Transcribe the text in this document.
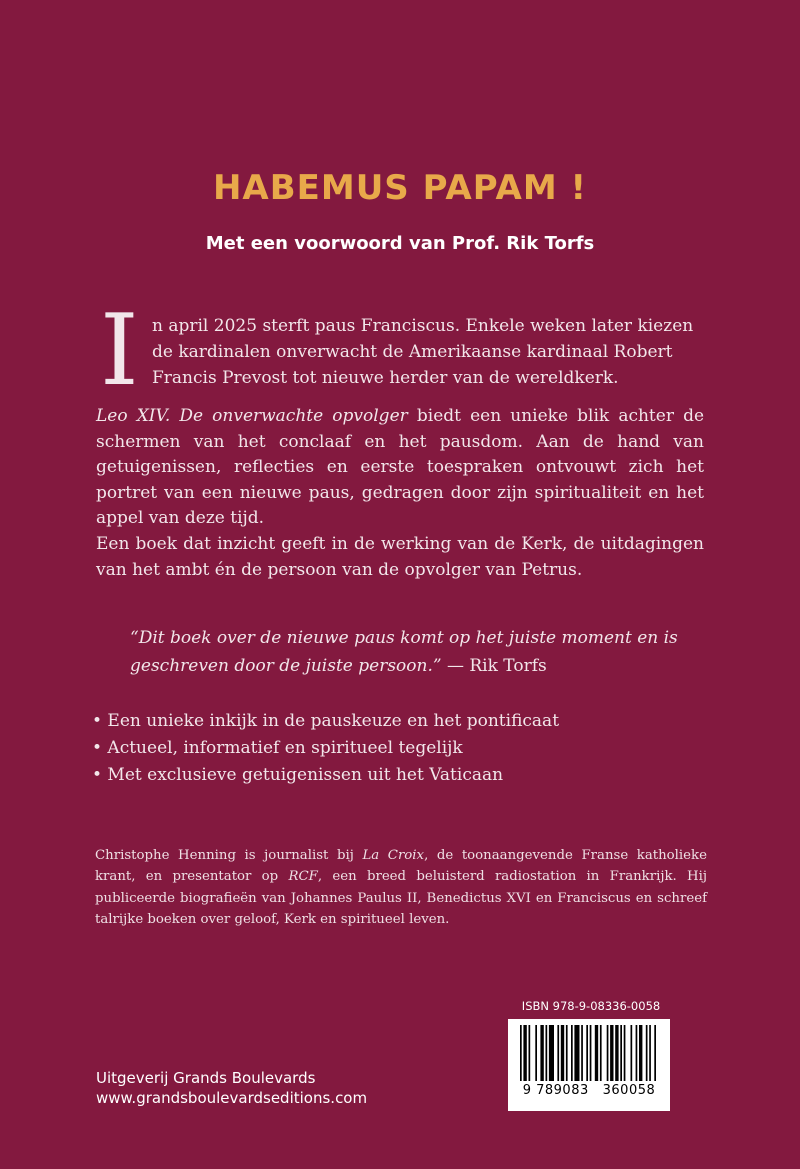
HABEMUS PAPAM !
Met een voorwoord van Prof. Rik Torfs
I n april 2025 sterft paus Franciscus. Enkele weken later kiezen
de kardinalen onverwacht de Amerikaanse kardinaal Robert
Francis Prevost tot nieuwe herder van de wereldkerk.

Leo XIV. De onverwachte opvolger biedt een unieke blik achter de schermen van het conclaaf en het pausdom. Aan de hand van getuigenissen, reflecties en eerste toespraken ontvouwt zich het portret van een nieuwe paus, gedragen door zijn spiritualiteit en het appel van deze tijd.

Een boek dat inzicht geeft in de werking van de Kerk, de uitdagingen van het ambt én de persoon van de opvolger van Petrus.

“Dit boek over de nieuwe paus komt op het juiste moment en is geschreven door de juiste persoon.” — Rik Torfs
• Een unieke inkijk in de pauskeuze en het pontificaat
• Actueel, informatief en spiritueel tegelijk
• Met exclusieve getuigenissen uit het Vaticaan
Christophe Henning is journalist bij La Croix, de toonaangevende Franse katholieke krant, en presentator op RCF, een breed beluisterd radiostation in Frankrijk. Hij publiceerde biografieën van Johannes Paulus II, Benedictus XVI en Franciscus en schreef talrijke boeken over geloof, Kerk en spiritueel leven.
ISBN 978-9-08336-0058
9 789083   360058
Uitgeverij Grands Boulevards
www.grandsboulevardseditions.com
